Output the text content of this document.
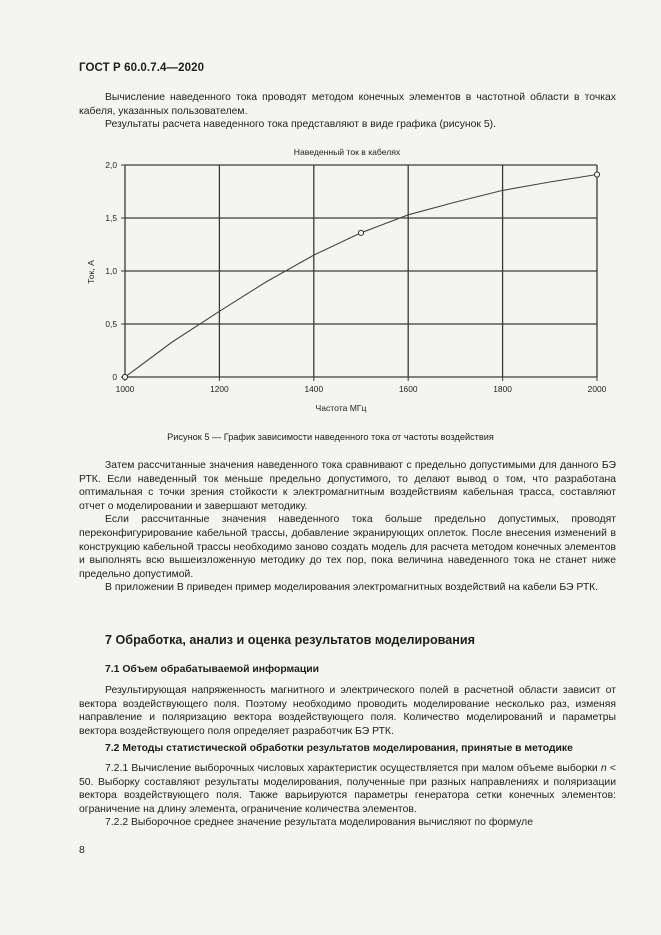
ГОСТ Р 60.0.7.4—2020

Вычисление наведенного тока проводят методом конечных элементов в частотной области в точках кабеля, указанных пользователем.

Результаты расчета наведенного тока представляют в виде графика (рисунок 5).

Наведенный ток в кабелях
1000	1200	1400	1600	1800	2000
0
0,5
1,0
1,5
2,0
Частота МГц
Ток, А
Рисунок 5 — График зависимости наведенного тока от частоты воздействия

Затем рассчитанные значения наведенного тока сравнивают с предельно допустимыми для данного БЭ РТК. Если наведенный ток меньше предельно допустимого, то делают вывод о том, что разработана оптимальная с точки зрения стойкости к электромагнитным воздействиям кабельная трасса, составляют отчет о моделировании и завершают методику.

Если рассчитанные значения наведенного тока больше предельно допустимых, проводят переконфигурирование кабельной трассы, добавление экранирующих оплеток. После внесения изменений в конструкцию кабельной трассы необходимо заново создать модель для расчета методом конечных элементов и выполнять всю вышеизложенную методику до тех пор, пока величина наведенного тока не станет ниже предельно допустимой.

В приложении В приведен пример моделирования электромагнитных воздействий на кабели БЭ РТК.

7 Обработка, анализ и оценка результатов моделирования
7.1 Объем обрабатываемой информации

Результирующая напряженность магнитного и электрического полей в расчетной области зависит от вектора воздействующего поля. Поэтому необходимо проводить моделирование несколько раз, изменяя направление и поляризацию вектора воздействующего поля. Количество моделирований и параметры вектора воздействующего поля определяет разработчик БЭ РТК.

7.2 Методы статистической обработки результатов моделирования, принятые в методике

7.2.1 Вычисление выборочных числовых характеристик осуществляется при малом объеме выборки n < 50. Выборку составляют результаты моделирования, полученные при разных направлениях и поляризации вектора воздействующего поля. Также варьируются параметры генератора сетки конечных элементов: ограничение на длину элемента, ограничение количества элементов.

7.2.2 Выборочное среднее значение результата моделирования вычисляют по формуле

8
